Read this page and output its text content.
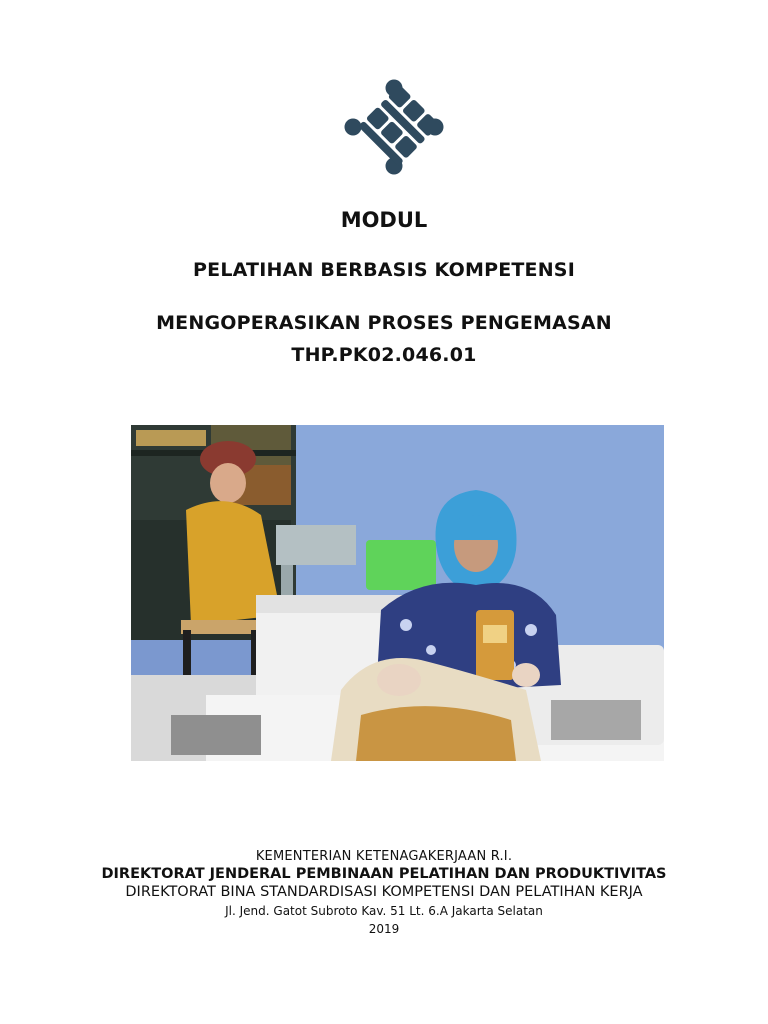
MODUL
PELATIHAN BERBASIS KOMPETENSI
MENGOPERASIKAN PROSES PENGEMASAN
THP.PK02.046.01
KEMENTERIAN KETENAGAKERJAAN R.I.
DIREKTORAT JENDERAL PEMBINAAN PELATIHAN DAN PRODUKTIVITAS
DIREKTORAT BINA STANDARDISASI KOMPETENSI DAN PELATIHAN KERJA
Jl. Jend. Gatot Subroto Kav. 51 Lt. 6.A Jakarta Selatan
2019
